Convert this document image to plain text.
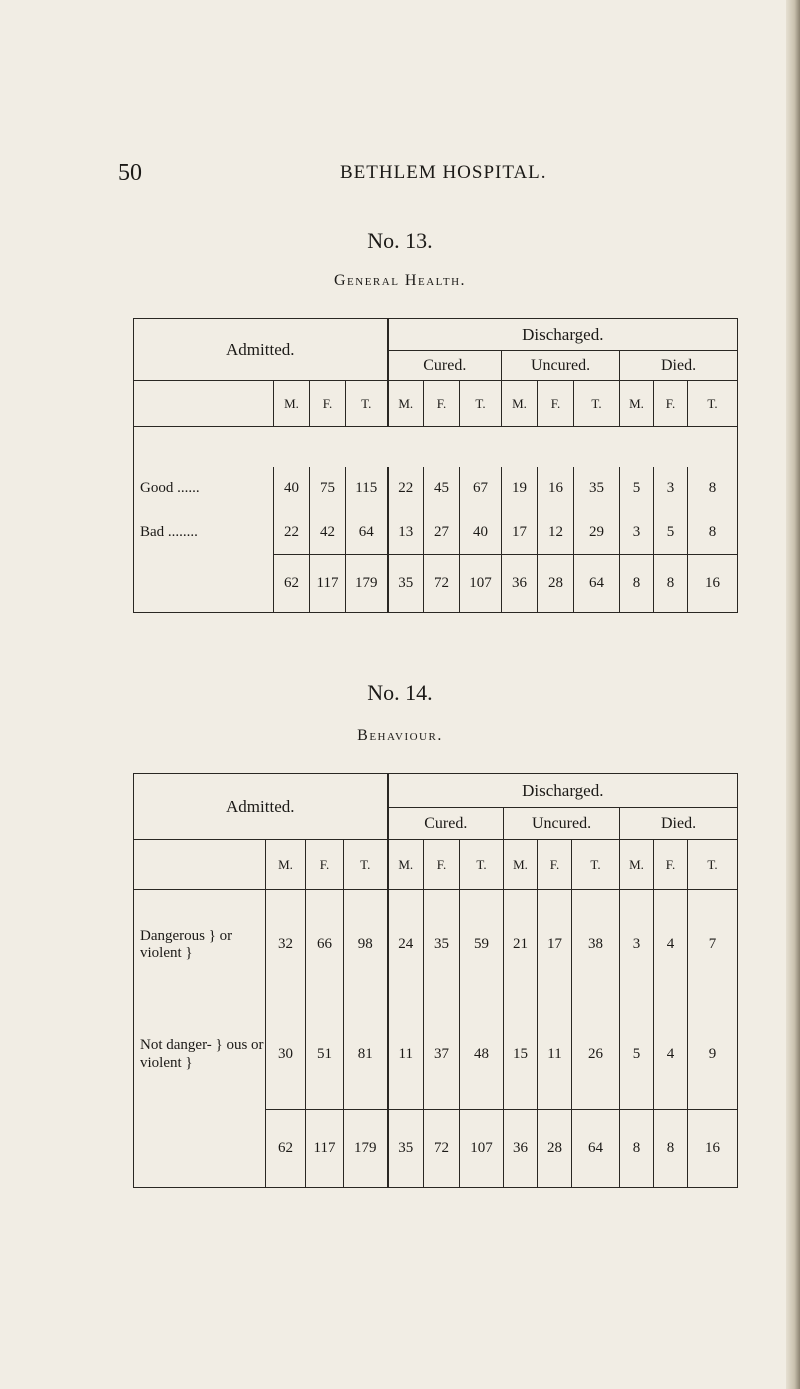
50	BETHLEM HOSPITAL.
No. 13.
General Health.
Admitted.				Discharged.								
				Cured.			Uncured.			Died.		
	M.	F.	T.	M.	F.	T.	M.	F.	T.	M.	F.	T.

Good ......	40	75	115	22	45	67	19	16	35	5	3	8
Bad ........	22	42	64	13	27	40	17	12	29	3	5	8
	62	117	179	35	72	107	36	28	64	8	8	16
No. 14.
Behaviour.
Admitted.				Discharged.								
				Cured.			Uncured.			Died.		
	M.	F.	T.	M.	F.	T.	M.	F.	T.	M.	F.	T.
Dangerous } or violent }	32	66	98	24	35	59	21	17	38	3	4	7
Not danger- } ous or violent }	30	51	81	11	37	48	15	11	26	5	4	9
	62	117	179	35	72	107	36	28	64	8	8	16
